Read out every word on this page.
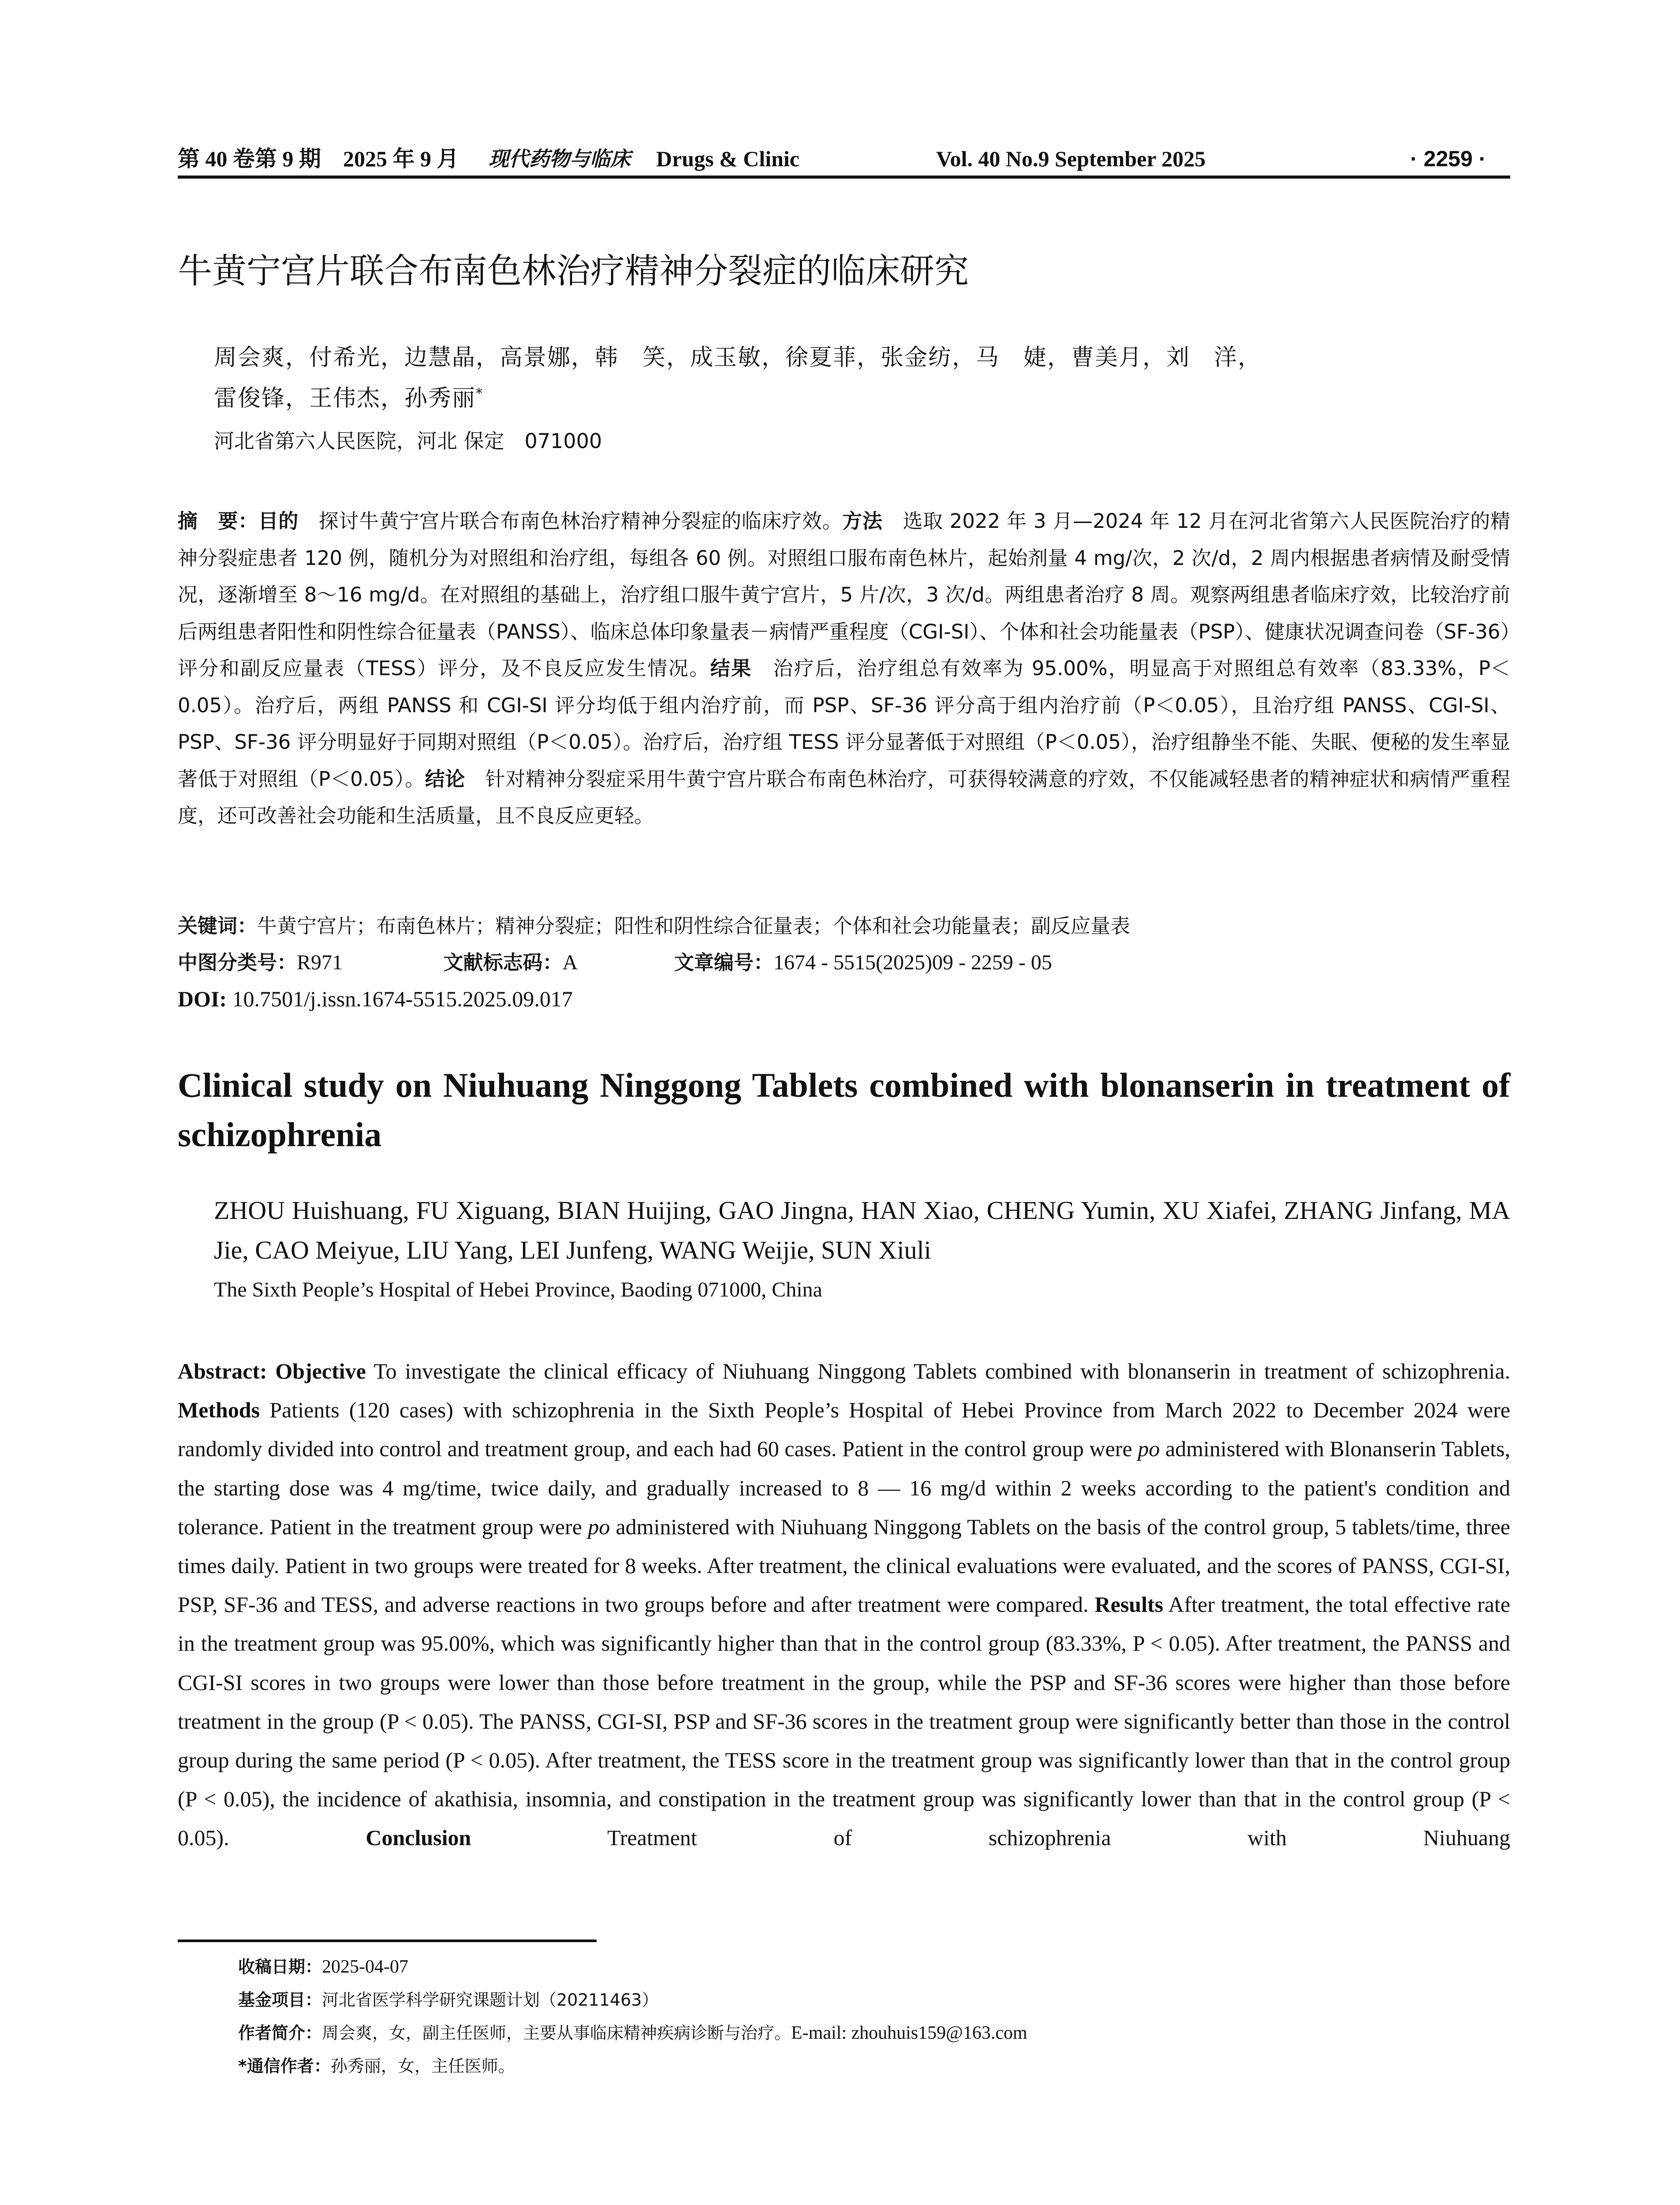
第 40 卷第 9 期　2025 年 9 月 现代药物与临床 Drugs & Clinic	Vol. 40 No.9 September 2025	· 2259 ·
牛黄宁宫片联合布南色林治疗精神分裂症的临床研究
周会爽，付希光，边慧晶，高景娜，韩　笑，成玉敏，徐夏菲，张金纺，马　婕，曹美月，刘　洋，
雷俊锋，王伟杰，孙秀丽*
河北省第六人民医院，河北 保定　071000
摘　要：目的　探讨牛黄宁宫片联合布南色林治疗精神分裂症的临床疗效。方法　选取 2022 年 3 月—2024 年 12 月在河北省第六人民医院治疗的精神分裂症患者 120 例，随机分为对照组和治疗组，每组各 60 例。对照组口服布南色林片，起始剂量 4 mg/次，2 次/d，2 周内根据患者病情及耐受情况，逐渐增至 8～16 mg/d。在对照组的基础上，治疗组口服牛黄宁宫片，5 片/次，3 次/d。两组患者治疗 8 周。观察两组患者临床疗效，比较治疗前后两组患者阳性和阴性综合征量表（PANSS）、临床总体印象量表－病情严重程度（CGI-SI）、个体和社会功能量表（PSP）、健康状况调查问卷（SF-36）评分和副反应量表（TESS）评分，及不良反应发生情况。结果　治疗后，治疗组总有效率为 95.00%，明显高于对照组总有效率（83.33%，P＜0.05）。治疗后，两组 PANSS 和 CGI-SI 评分均低于组内治疗前，而 PSP、SF-36 评分高于组内治疗前（P＜0.05），且治疗组 PANSS、CGI-SI、PSP、SF-36 评分明显好于同期对照组（P＜0.05）。治疗后，治疗组 TESS 评分显著低于对照组（P＜0.05），治疗组静坐不能、失眠、便秘的发生率显著低于对照组（P＜0.05）。结论　针对精神分裂症采用牛黄宁宫片联合布南色林治疗，可获得较满意的疗效，不仅能减轻患者的精神症状和病情严重程度，还可改善社会功能和生活质量，且不良反应更轻。
关键词：牛黄宁宫片；布南色林片；精神分裂症；阳性和阴性综合征量表；个体和社会功能量表；副反应量表
中图分类号：R971	文献标志码：A	文章编号：1674 - 5515(2025)09 - 2259 - 05
DOI: 10.7501/j.issn.1674-5515.2025.09.017
Clinical study on Niuhuang Ninggong Tablets combined with blonanserin in treatment of schizophrenia
ZHOU Huishuang, FU Xiguang, BIAN Huijing, GAO Jingna, HAN Xiao, CHENG Yumin, XU Xiafei, ZHANG Jinfang, MA Jie, CAO Meiyue, LIU Yang, LEI Junfeng, WANG Weijie, SUN Xiuli
The Sixth People’s Hospital of Hebei Province, Baoding 071000, China
Abstract: Objective To investigate the clinical efficacy of Niuhuang Ninggong Tablets combined with blonanserin in treatment of schizophrenia. Methods Patients (120 cases) with schizophrenia in the Sixth People’s Hospital of Hebei Province from March 2022 to December 2024 were randomly divided into control and treatment group, and each had 60 cases. Patient in the control group were po administered with Blonanserin Tablets, the starting dose was 4 mg/time, twice daily, and gradually increased to 8 — 16 mg/d within 2 weeks according to the patient's condition and tolerance. Patient in the treatment group were po administered with Niuhuang Ninggong Tablets on the basis of the control group, 5 tablets/time, three times daily. Patient in two groups were treated for 8 weeks. After treatment, the clinical evaluations were evaluated, and the scores of PANSS, CGI-SI, PSP, SF-36 and TESS, and adverse reactions in two groups before and after treatment were compared. Results After treatment, the total effective rate in the treatment group was 95.00%, which was significantly higher than that in the control group (83.33%, P < 0.05). After treatment, the PANSS and CGI-SI scores in two groups were lower than those before treatment in the group, while the PSP and SF-36 scores were higher than those before treatment in the group (P < 0.05). The PANSS, CGI-SI, PSP and SF-36 scores in the treatment group were significantly better than those in the control group during the same period (P < 0.05). After treatment, the TESS score in the treatment group was significantly lower than that in the control group (P < 0.05), the incidence of akathisia, insomnia, and constipation in the treatment group was significantly lower than that in the control group (P < 0.05). Conclusion Treatment of schizophrenia with Niuhuang
收稿日期：2025-04-07
基金项目：河北省医学科学研究课题计划（20211463）
作者简介：周会爽，女，副主任医师，主要从事临床精神疾病诊断与治疗。E-mail: zhouhuis159@163.com
*通信作者：孙秀丽，女，主任医师。
